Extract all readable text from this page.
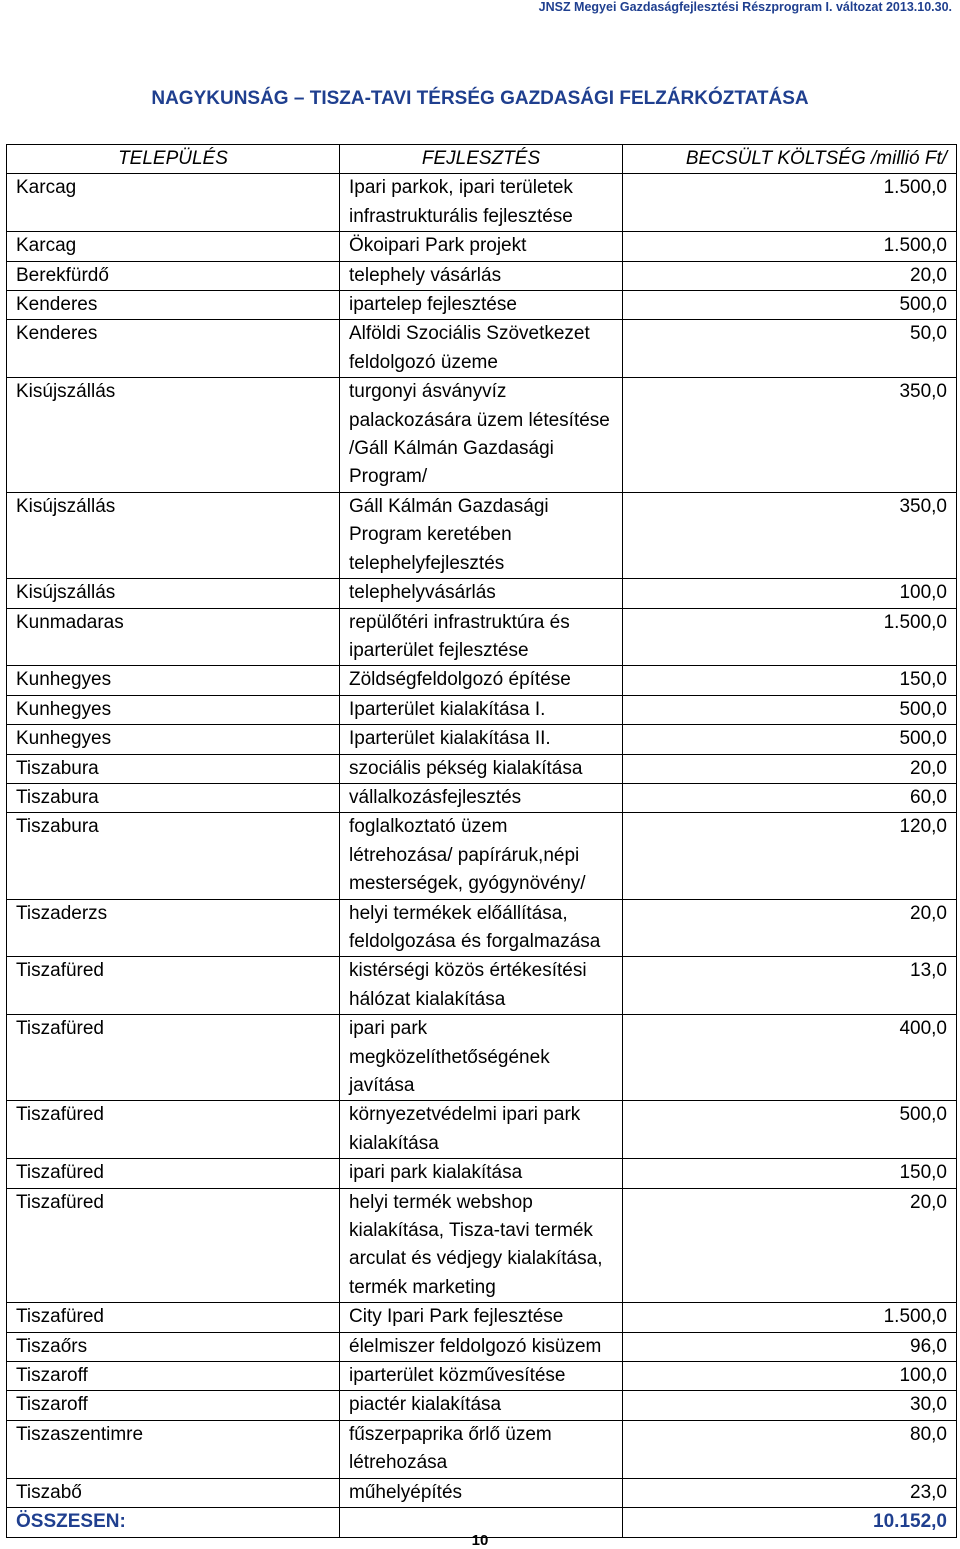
JNSZ Megyei Gazdaságfejlesztési Részprogram I. változat 2013.10.30.
NAGYKUNSÁG – TISZA-TAVI TÉRSÉG GAZDASÁGI FELZÁRKÓZTATÁSA
TELEPÜLÉS	FEJLESZTÉS	BECSÜLT KÖLTSÉG /millió Ft/
Karcag	Ipari parkok, ipari területek infrastrukturális fejlesztése	1.500,0
Karcag	Ökoipari Park projekt	1.500,0
Berekfürdő	telephely vásárlás	20,0
Kenderes	ipartelep fejlesztése	500,0
Kenderes	Alföldi Szociális Szövetkezet feldolgozó üzeme	50,0
Kisújszállás	turgonyi ásványvíz palackozására üzem létesítése /Gáll Kálmán Gazdasági Program/	350,0
Kisújszállás	Gáll Kálmán Gazdasági Program keretében telephelyfejlesztés	350,0
Kisújszállás	telephelyvásárlás	100,0
Kunmadaras	repülőtéri infrastruktúra és iparterület fejlesztése	1.500,0
Kunhegyes	Zöldségfeldolgozó építése	150,0
Kunhegyes	Iparterület kialakítása I.	500,0
Kunhegyes	Iparterület kialakítása II.	500,0
Tiszabura	szociális pékség kialakítása	20,0
Tiszabura	vállalkozásfejlesztés	60,0
Tiszabura	foglalkoztató üzem létrehozása/ papíráruk,népi mesterségek, gyógynövény/	120,0
Tiszaderzs	helyi termékek előállítása, feldolgozása és forgalmazása	20,0
Tiszafüred	kistérségi közös értékesítési hálózat kialakítása	13,0
Tiszafüred	ipari park megközelíthetőségének javítása	400,0
Tiszafüred	környezetvédelmi ipari park kialakítása	500,0
Tiszafüred	ipari park kialakítása	150,0
Tiszafüred	helyi termék webshop kialakítása, Tisza-tavi termék arculat és védjegy kialakítása, termék marketing	20,0
Tiszafüred	City Ipari Park fejlesztése	1.500,0
Tiszaőrs	élelmiszer feldolgozó kisüzem	96,0
Tiszaroff	iparterület közművesítése	100,0
Tiszaroff	piactér kialakítása	30,0
Tiszaszentimre	fűszerpaprika őrlő üzem létrehozása	80,0
Tiszabő	műhelyépítés	23,0
ÖSSZESEN:		10.152,0
10
